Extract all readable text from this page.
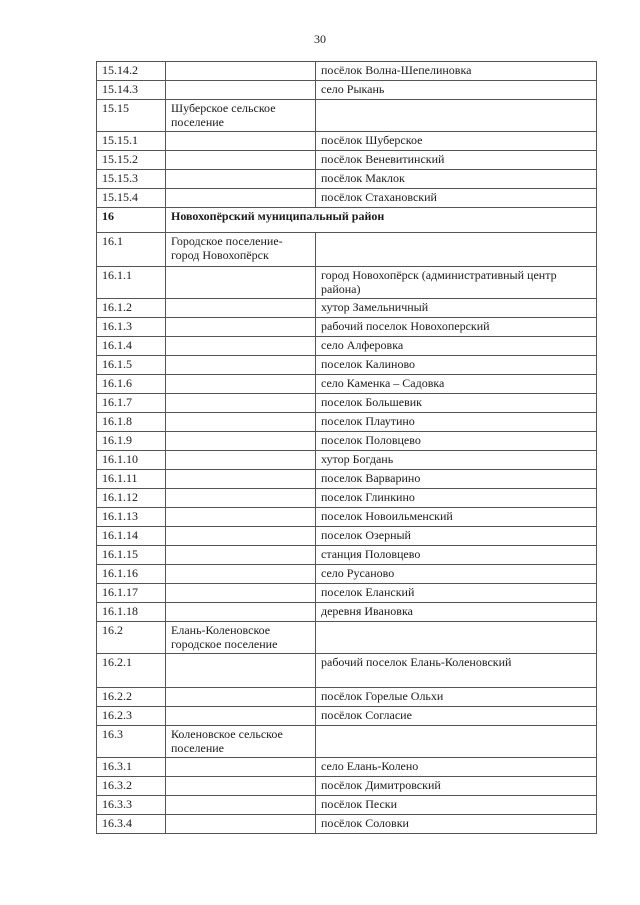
30
15.14.2		посёлок Волна-Шепелиновка
15.14.3		село Рыкань
15.15	Шуберское сельское поселение	
15.15.1		посёлок Шуберское
15.15.2		посёлок Веневитинский
15.15.3		посёлок Маклок
15.15.4		посёлок Стахановский
16	Новохопёрский муниципальный район	
16.1	Городское поселение-город Новохопёрск	
16.1.1		город Новохопёрск (административный центр района)
16.1.2		хутор Замельничный
16.1.3		рабочий поселок Новохоперский
16.1.4		село Алферовка
16.1.5		поселок Калиново
16.1.6		село Каменка – Садовка
16.1.7		поселок Большевик
16.1.8		поселок Плаутино
16.1.9		поселок Половцево
16.1.10		хутор Богдань
16.1.11		поселок Варварино
16.1.12		поселок Глинкино
16.1.13		поселок Новоильменский
16.1.14		поселок Озерный
16.1.15		станция Половцево
16.1.16		село Русаново
16.1.17		поселок Еланский
16.1.18		деревня Ивановка
16.2	Елань-Коленовское городское поселение	
16.2.1		рабочий поселок Елань-Коленовский
16.2.2		посёлок Горелые Ольхи
16.2.3		посёлок Согласие
16.3	Коленовское сельское поселение	
16.3.1		село Елань-Колено
16.3.2		посёлок Димитровский
16.3.3		посёлок Пески
16.3.4		посёлок Соловки
